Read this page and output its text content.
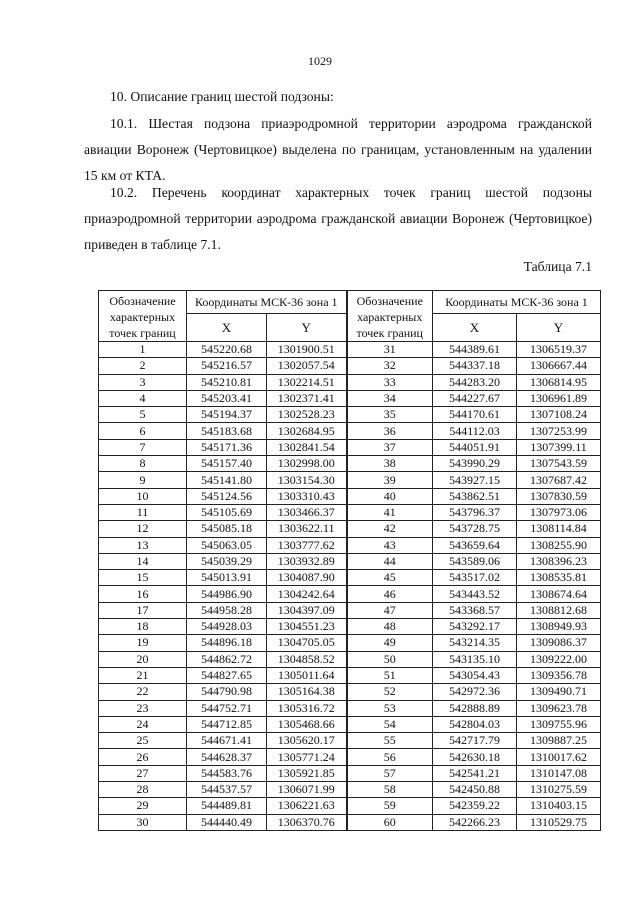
1029
10. Описание границ шестой подзоны:
10.1. Шестая подзона приаэродромной территории аэродрома гражданской авиации Воронеж (Чертовицкое) выделена по границам, установленным на удалении 15 км от КТА.
10.2. Перечень координат характерных точек границ шестой подзоны приаэродромной территории аэродрома гражданской авиации Воронеж (Чертовицкое) приведен в таблице 7.1.
Таблица 7.1
Обозначение характерных точек границ	Координаты МСК-36 зона 1		Обозначение характерных точек границ	Координаты МСК-36 зона 1	
	X	Y		X	Y
1	545220.68	1301900.51	31	544389.61	1306519.37
2	545216.57	1302057.54	32	544337.18	1306667.44
3	545210.81	1302214.51	33	544283.20	1306814.95
4	545203.41	1302371.41	34	544227.67	1306961.89
5	545194.37	1302528.23	35	544170.61	1307108.24
6	545183.68	1302684.95	36	544112.03	1307253.99
7	545171.36	1302841.54	37	544051.91	1307399.11
8	545157.40	1302998.00	38	543990.29	1307543.59
9	545141.80	1303154.30	39	543927.15	1307687.42
10	545124.56	1303310.43	40	543862.51	1307830.59
11	545105.69	1303466.37	41	543796.37	1307973.06
12	545085.18	1303622.11	42	543728.75	1308114.84
13	545063.05	1303777.62	43	543659.64	1308255.90
14	545039.29	1303932.89	44	543589.06	1308396.23
15	545013.91	1304087.90	45	543517.02	1308535.81
16	544986.90	1304242.64	46	543443.52	1308674.64
17	544958.28	1304397.09	47	543368.57	1308812.68
18	544928.03	1304551.23	48	543292.17	1308949.93
19	544896.18	1304705.05	49	543214.35	1309086.37
20	544862.72	1304858.52	50	543135.10	1309222.00
21	544827.65	1305011.64	51	543054.43	1309356.78
22	544790.98	1305164.38	52	542972.36	1309490.71
23	544752.71	1305316.72	53	542888.89	1309623.78
24	544712.85	1305468.66	54	542804.03	1309755.96
25	544671.41	1305620.17	55	542717.79	1309887.25
26	544628.37	1305771.24	56	542630.18	1310017.62
27	544583.76	1305921.85	57	542541.21	1310147.08
28	544537.57	1306071.99	58	542450.88	1310275.59
29	544489.81	1306221.63	59	542359.22	1310403.15
30	544440.49	1306370.76	60	542266.23	1310529.75
